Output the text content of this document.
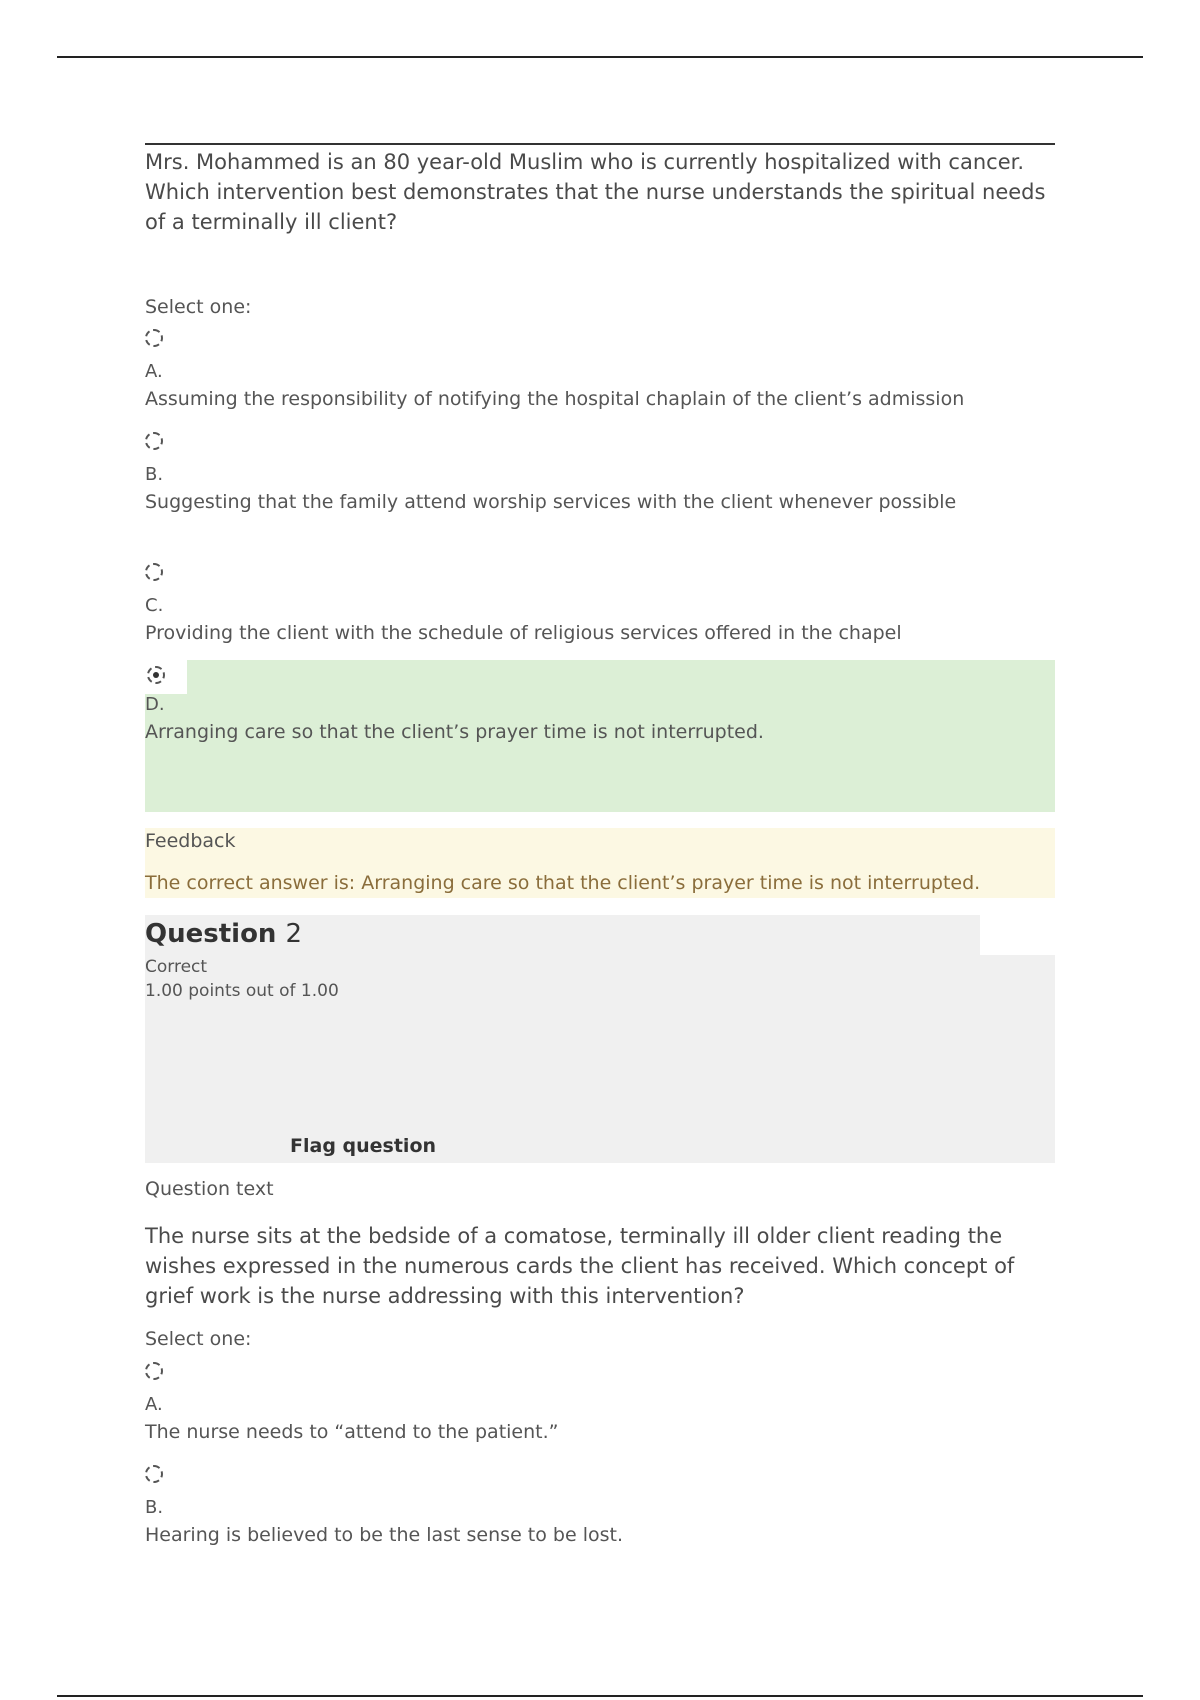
Mrs. Mohammed is an 80 year-old Muslim who is currently hospitalized with cancer. Which intervention best demonstrates that the nurse understands the spiritual needs of a terminally ill client?
Select one:
A.
Assuming the responsibility of notifying the hospital chaplain of the client’s admission
B.
Suggesting that the family attend worship services with the client whenever possible
C.
Providing the client with the schedule of religious services offered in the chapel
D.
Arranging care so that the client’s prayer time is not interrupted.
Feedback
The correct answer is: Arranging care so that the client’s prayer time is not interrupted.
Question 2
Correct
1.00 points out of 1.00
Flag question
Question text
The nurse sits at the bedside of a comatose, terminally ill older client reading the wishes expressed in the numerous cards the client has received. Which concept of grief work is the nurse addressing with this intervention?
Select one:
A.
The nurse needs to “attend to the patient.”
B.
Hearing is believed to be the last sense to be lost.
